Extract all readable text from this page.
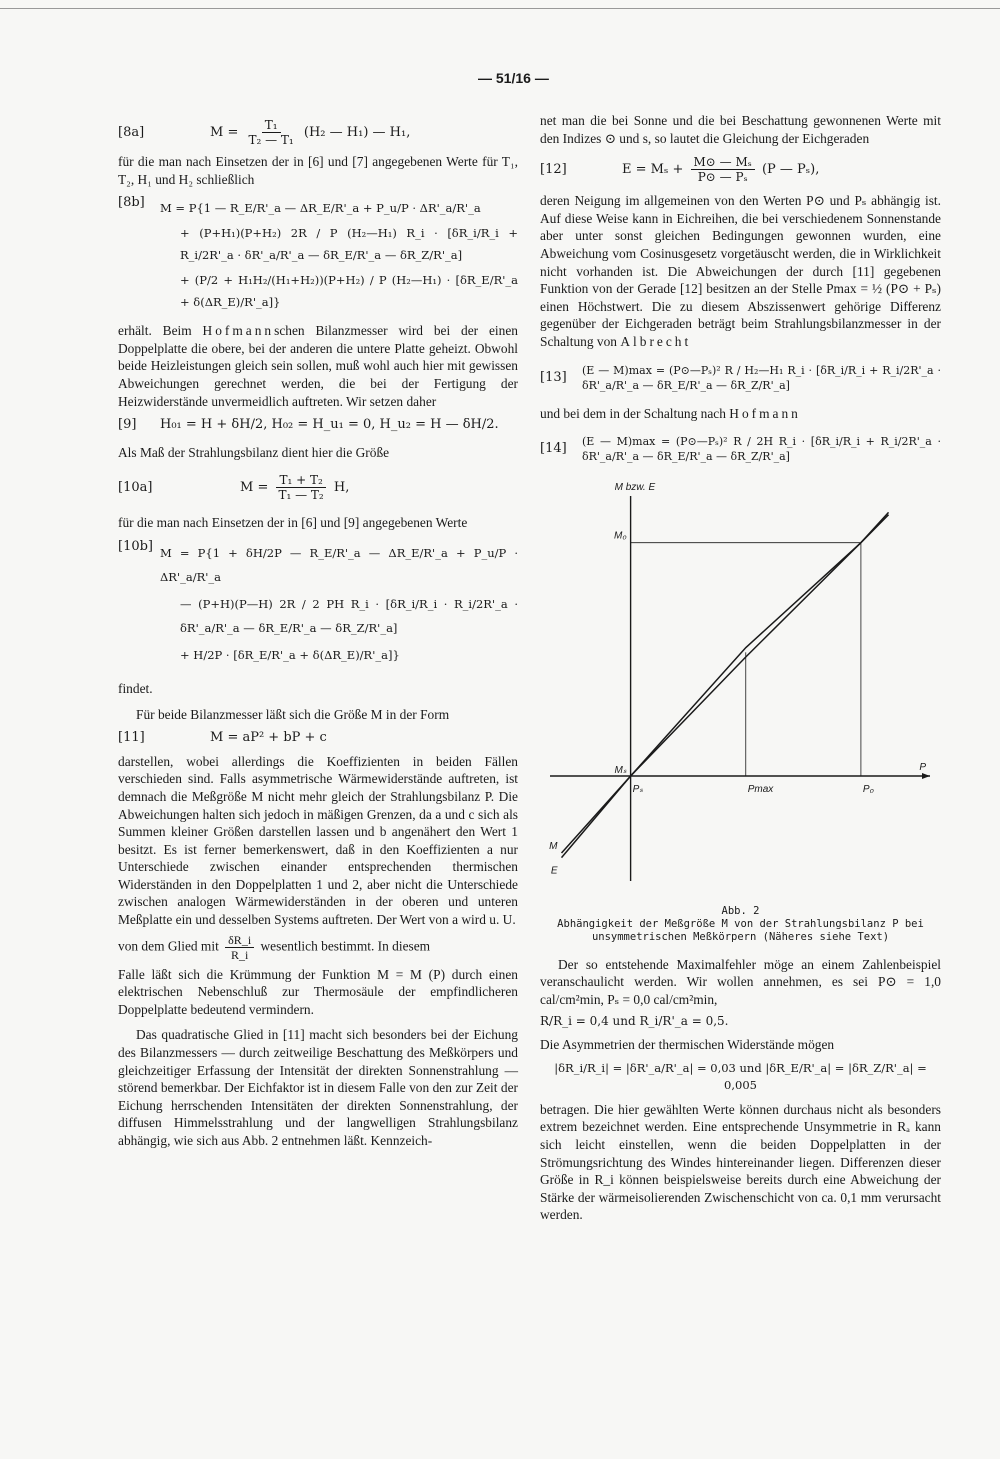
— 51/16 —
[8a]	$M = \frac{\text{T₁}}{\text{T₂ — T₁}} (H_2$ — H₁) — H₁,

für die man nach Einsetzen der in [6] und [7] angegebenen Werte für T₁, T₂, H₁ und H₂ schließlich

[8b]	M = P{1 — R_E/R'_a — ΔR_E/R'_a + P_u/P · ΔR'_a/R'_a
+ (P+H₁)(P+H₂) 2R / P (H₂—H₁) R_i · [δR_i/R_i + R_i/2R'_a · δR'_a/R'_a — δR_E/R'_a — δR_Z/R'_a]
+ (P/2 + H₁H₂/(H₁+H₂))(P+H₂) / P (H₂—H₁) · [δR_E/R'_a + δ(ΔR_E)/R'_a]}

erhält. Beim Hofmannschen Bilanzmesser wird bei der einen Doppelplatte die obere, bei der anderen die untere Platte geheizt. Obwohl beide Heizleistungen gleich sein sollen, muß wohl auch hier mit gewissen Abweichungen gerechnet werden, die bei der Fertigung der Heizwiderstände unvermeidlich auftreten. Wir setzen daher

[9]	H₀₁ = H + δH/2, H₀₂ = H_u₁ = 0, H_u₂ = H — δH/2.

Als Maß der Strahlungsbilanz dient hier die Größe

[10a]	$M = \frac{\text{T₁ + T₂}}{\text{T₁ — T₂}} H$,

für die man nach Einsetzen der in [6] und [9] angegebenen Werte

[10b] M = P{1 + δH/2P — R_E/R'_a — ΔR_E/R'_a + P_u/P · ΔR'_a/R'_a
— (P+H)(P—H) 2R / 2 PH R_i · [δR_i/R_i · R_i/2R'_a · δR'_a/R'_a — δR_E/R'_a — δR_Z/R'_a]
+ H/2P · [δR_E/R'_a + δ(ΔR_E)/R'_a]}

findet.

Für beide Bilanzmesser läßt sich die Größe M in der Form

[11]	M = aP² + bP + c

darstellen, wobei allerdings die Koeffizienten in beiden Fällen verschieden sind. Falls asymmetrische Wärmewiderstände auftreten, ist demnach die Meßgröße M nicht mehr gleich der Strahlungsbilanz P. Die Abweichungen halten sich jedoch in mäßigen Grenzen, da a und c sich als Summen kleiner Größen darstellen lassen und b angenähert den Wert 1 besitzt. Es ist ferner bemerkenswert, daß in den Koeffizienten a nur Unterschiede zwischen einander entsprechenden thermischen Widerständen in den Doppelplatten 1 und 2, aber nicht die Unterschiede zwischen analogen Wärmewiderständen in der oberen und unteren Meßplatte ein und desselben Systems auftreten. Der Wert von a wird u. U.

von dem Glied mit $\frac{\delta R\_i}{R\_i}$ wesentlich bestimmt. In diesem

Falle läßt sich die Krümmung der Funktion M = M (P) durch einen elektrischen Nebenschluß zur Thermosäule der empfindlicheren Doppelplatte bedeutend vermindern.

Das quadratische Glied in [11] macht sich besonders bei der Eichung des Bilanzmessers — durch zeitweilige Beschattung des Meßkörpers und gleichzeitiger Erfassung der Intensität der direkten Sonnenstrahlung — störend bemerkbar. Der Eichfaktor ist in diesem Falle von den zur Zeit der Eichung herrschenden Intensitäten der direkten Sonnenstrahlung, der diffusen Himmelsstrahlung und der langwelligen Strahlungsbilanz abhängig, wie sich aus Abb. 2 entnehmen läßt. Kennzeich-

net man die bei Sonne und die bei Beschattung gewonnenen Werte mit den Indizes ⊙ und s, so lautet die Gleichung der Eichgeraden

[12]	$E = M_s + \frac{\text{M⊙ — Mₛ}}{\text{P⊙ — Pₛ}} (P$ — Pₛ),

deren Neigung im allgemeinen von den Werten P⊙ und Pₛ abhängig ist. Auf diese Weise kann in Eichreihen, die bei verschiedenem Sonnenstande aber unter sonst gleichen Bedingungen gewonnen wurden, eine Abweichung vom Cosinusgesetz vorgetäuscht werden, die in Wirklichkeit nicht vorhanden ist. Die Abweichungen der durch [11] gegebenen Funktion von der Gerade [12] besitzen an der Stelle Pmax = ½ (P⊙ + Pₛ) einen Höchstwert. Die zu diesem Abszissenwert gehörige Differenz gegenüber der Eichgeraden beträgt beim Strahlungsbilanzmesser in der Schaltung von Albrecht

[13]	(E — M)max = (P⊙—Pₛ)² R / H₂—H₁ R_i · [δR_i/R_i + R_i/2R'_a · δR'_a/R'_a — δR_E/R'_a — δR_Z/R'_a]

und bei dem in der Schaltung nach Hofmann

[14]	(E — M)max = (P⊙—Pₛ)² R / 2H R_i · [δR_i/R_i + R_i/2R'_a · δR'_a/R'_a — δR_E/R'_a — δR_Z/R'_a]
P
M bzw. E
E
M
Pₛ	Pmax	P₀
Mₛ
M₀
Abb. 2
Abhängigkeit der Meßgröße M von der Strahlungsbilanz P bei unsymmetrischen Meßkörpern (Näheres siehe Text)

Der so entstehende Maximalfehler möge an einem Zahlenbeispiel veranschaulicht werden. Wir wollen annehmen, es sei P⊙ = 1,0 cal/cm²min, Pₛ = 0,0 cal/cm²min,

R/R_i = 0,4 und R_i/R'_a = 0,5.

Die Asymmetrien der thermischen Widerstände mögen

|δR_i/R_i| = |δR'_a/R'_a| = 0,03 und |δR_E/R'_a| = |δR_Z/R'_a| = 0,005

betragen. Die hier gewählten Werte können durchaus nicht als besonders extrem bezeichnet werden. Eine entsprechende Unsymmetrie in Rₐ kann sich leicht einstellen, wenn die beiden Doppelplatten in der Strömungsrichtung des Windes hintereinander liegen. Differenzen dieser Größe in R_i können beispielsweise bereits durch eine Abweichung der Stärke der wärmeisolierenden Zwischenschicht von ca. 0,1 mm verursacht werden.
